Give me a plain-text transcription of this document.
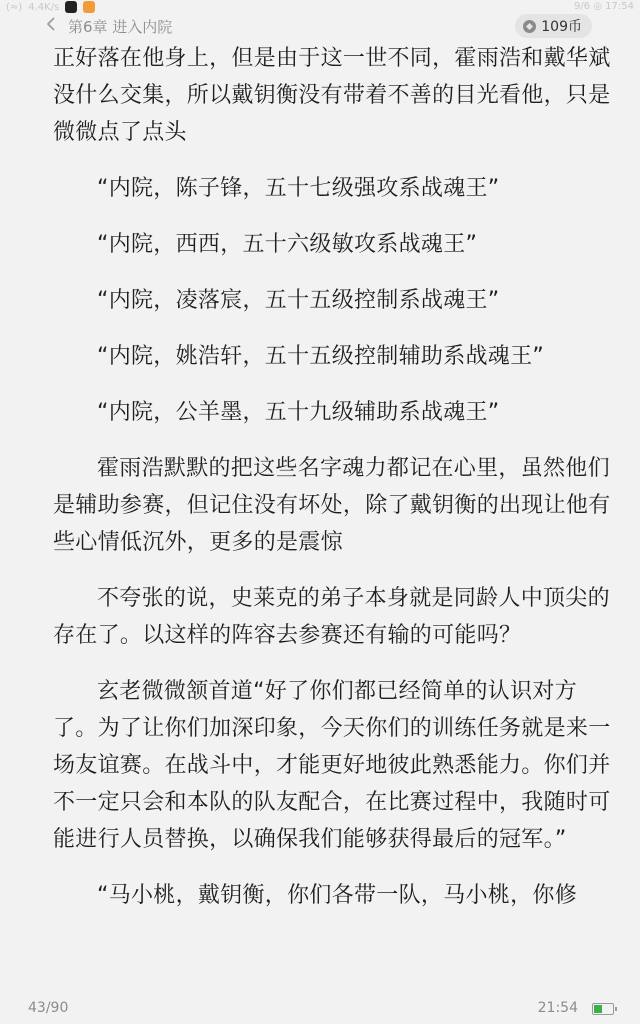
(≈) 4.4K/s	9/6 ◎ 17:54
第6章 进入内院	109币

正好落在他身上，但是由于这一世不同，霍雨浩和戴华斌没什么交集，所以戴钥衡没有带着不善的目光看他，只是微微点了点头

“内院，陈子锋，五十七级强攻系战魂王”

“内院，西西，五十六级敏攻系战魂王”

“内院，凌落宸，五十五级控制系战魂王”

“内院，姚浩轩，五十五级控制辅助系战魂王”

“内院，公羊墨，五十九级辅助系战魂王”

霍雨浩默默的把这些名字魂力都记在心里，虽然他们是辅助参赛，但记住没有坏处，除了戴钥衡的出现让他有些心情低沉外，更多的是震惊

不夸张的说，史莱克的弟子本身就是同龄人中顶尖的存在了。以这样的阵容去参赛还有输的可能吗？

玄老微微颔首道“好了你们都已经简单的认识对方了。为了让你们加深印象，今天你们的训练任务就是来一场友谊赛。在战斗中，才能更好地彼此熟悉能力。你们并不一定只会和本队的队友配合，在比赛过程中，我随时可能进行人员替换，以确保我们能够获得最后的冠军。”

“马小桃，戴钥衡，你们各带一队，马小桃，你修

43/90	21:54
